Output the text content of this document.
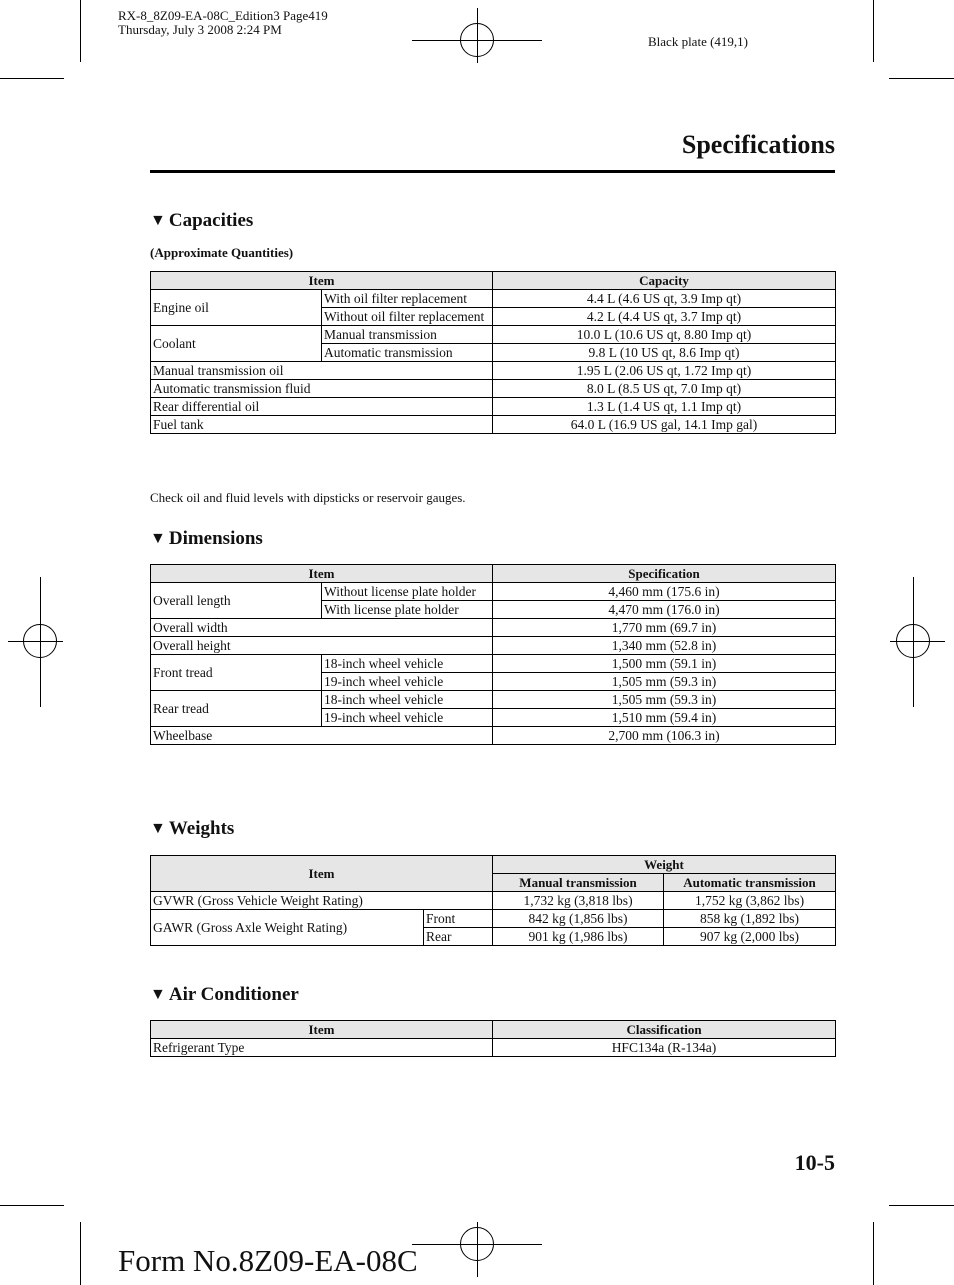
RX-8_8Z09-EA-08C_Edition3 Page419
Thursday, July 3 2008 2:24 PM
Black plate (419,1)
Specifications
▼ Capacities
(Approximate Quantities)
Item		Capacity
Engine oil	With oil filter replacement	4.4 L (4.6 US qt, 3.9 Imp qt)
	Without oil filter replacement	4.2 L (4.4 US qt, 3.7 Imp qt)
Coolant	Manual transmission	10.0 L (10.6 US qt, 8.80 Imp qt)
	Automatic transmission	9.8 L (10 US qt, 8.6 Imp qt)
Manual transmission oil		1.95 L (2.06 US qt, 1.72 Imp qt)
Automatic transmission fluid		8.0 L (8.5 US qt, 7.0 Imp qt)
Rear differential oil		1.3 L (1.4 US qt, 1.1 Imp qt)
Fuel tank		64.0 L (16.9 US gal, 14.1 Imp gal)
Check oil and fluid levels with dipsticks or reservoir gauges.
▼ Dimensions
Item		Specification
Overall length	Without license plate holder	4,460 mm (175.6 in)
	With license plate holder	4,470 mm (176.0 in)
Overall width		1,770 mm (69.7 in)
Overall height		1,340 mm (52.8 in)
Front tread	18-inch wheel vehicle	1,500 mm (59.1 in)
	19-inch wheel vehicle	1,505 mm (59.3 in)
Rear tread	18-inch wheel vehicle	1,505 mm (59.3 in)
	19-inch wheel vehicle	1,510 mm (59.4 in)
Wheelbase		2,700 mm (106.3 in)
▼ Weights
Item		Weight	
		Manual transmission	Automatic transmission
GVWR (Gross Vehicle Weight Rating)		1,732 kg (3,818 lbs)	1,752 kg (3,862 lbs)
GAWR (Gross Axle Weight Rating)	Front	842 kg (1,856 lbs)	858 kg (1,892 lbs)
	Rear	901 kg (1,986 lbs)	907 kg (2,000 lbs)
▼ Air Conditioner
Item	Classification
Refrigerant Type	HFC134a (R-134a)
10-5
Form No.8Z09-EA-08C
